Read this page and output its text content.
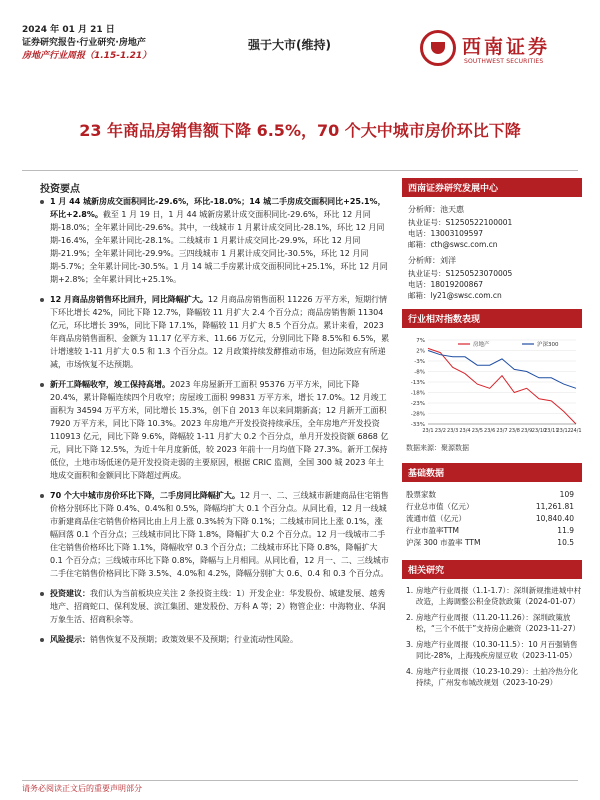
2024 年 01 月 21 日
证券研究报告·行业研究·房地产
房地产行业周报（1.15-1.21）
强于大市(维持)	西南证券
SOUTHWEST SECURITIES
23 年商品房销售额下降 6.5%，70 个大中城市房价环比下降
投资要点
1 月 44 城新房成交面积同比-29.6%，环比-18.0%；14 城二手房成交面积同比+25.1%，环比+2.8%。截至 1 月 19 日，1 月 44 城新房累计成交面积同比-29.6%，环比 12 月同期-18.0%；全年累计同比-29.6%。其中，一线城市 1 月累计成交同比-28.1%，环比 12 月同期-16.4%，全年累计同比-28.1%。二线城市 1 月累计成交同比-29.9%，环比 12 月同期-21.9%；全年累计同比-29.9%。三四线城市 1 月累计成交同比-30.5%，环比 12 月同期-5.7%；全年累计同比-30.5%。1 月 14 城二手房累计成交面积同比+25.1%，环比 12 月同期+2.8%；全年累计同比+25.1%。
12 月商品房销售环比回升，同比降幅扩大。12 月商品房销售面积 11226 万平方米，短期行情下环比增长 42%，同比下降 12.7%，降幅较 11 月扩大 2.4 个百分点；商品房销售额 11304 亿元，环比增长 39%，同比下降 17.1%，降幅较 11 月扩大 8.5 个百分点。累计来看，2023 年商品房销售面积、金额为 11.17 亿平方米、11.66 万亿元，分别同比下降 8.5%和 6.5%，累计增速较 1-11 月扩大 0.5 和 1.3 个百分点。12 月政策持续发酵推动市场，但边际效应有所递减，市场恢复不达预期。
新开工降幅收窄，竣工保持高增。2023 年房屋新开工面积 95376 万平方米，同比下降 20.4%，累计降幅连续四个月收窄；房屋竣工面积 99831 万平方米，增长 17.0%。12 月竣工面积为 34594 万平方米，同比增长 15.3%，创下自 2013 年以来同期新高；12 月新开工面积 7920 万平方米，同比下降 10.3%。2023 年房地产开发投资持续承压，全年房地产开发投资 110913 亿元，同比下降 9.6%，降幅较 1-11 月扩大 0.2 个百分点，单月开发投资额 6868 亿元，同比下降 12.5%，为近十年月度新低，较 2023 年前十一月均值下降 27.3%。新开工保持低位，土地市场低迷仍是开发投资走弱的主要原因，根据 CRIC 监测，全国 300 城 2023 年土地成交面积和金额同比下降超过两成。
70 个大中城市房价环比下降，二手房同比降幅扩大。12 月一、二、三线城市新建商品住宅销售价格分别环比下降 0.4%、0.4%和 0.5%，降幅均扩大 0.1 个百分点。从同比看，12 月一线城市新建商品住宅销售价格同比由上月上涨 0.3%转为下降 0.1%；二线城市同比上涨 0.1%，涨幅回落 0.1 个百分点；三线城市同比下降 1.8%，降幅扩大 0.2 个百分点。12 月一线城市二手住宅销售价格环比下降 1.1%，降幅收窄 0.3 个百分点；二线城市环比下降 0.8%，降幅扩大 0.1 个百分点；三线城市环比下降 0.8%，降幅与上月相同。从同比看，12 月一、二、三线城市二手住宅销售价格同比下降 3.5%、4.0%和 4.2%，降幅分别扩大 0.6、0.4 和 0.3 个百分点。
投资建议：我们认为当前板块应关注 2 条投资主线：1）开发企业：华发股份、城建发展、越秀地产、招商蛇口、保利发展、滨江集团、建发股份、万科 A 等；2）物管企业：中海物业、华润万象生活、招商积余等。
风险提示：销售恢复不及预期；政策效果不及预期；行业流动性风险。
西南证券研究发展中心
分析师：池天惠
执业证号：S1250522100001
电话：13003109597
邮箱：cth@swsc.com.cn
分析师：刘洋
执业证号：S1250523070005
电话：18019200867
邮箱：ly21@swsc.com.cn
行业相对指数表现
7%
2%
-3%
-8%
-13%
-18%
-23%
-28%
-33%
23/1 23/2 23/3 23/4 23/5 23/6 23/7 23/8 23/9 23/10
23/11
23/12 24/1
房地产	沪深300
数据来源：聚源数据
基础数据
股票家数	109
行业总市值（亿元）	11,261.81
流通市值（亿元）	10,840.40
行业市盈率TTM	11.9
沪深 300 市盈率 TTM	10.5
相关研究
1. 房地产行业周报（1.1-1.7）：深圳新规推进城中村改造，上海调整公积金贷款政策（2024-01-07）
2. 房地产行业周报（11.20-11.26）：深圳政策放松，“三个不低于”支持房企融资（2023-11-27）
3. 房地产行业周报（10.30-11.5）：10 月百强销售同比-28%，上海残疾房屋豆收（2023-11-05）
4. 房地产行业周报（10.23-10.29）：土拍冷热分化持续，广州发布城改规划（2023-10-29）
请务必阅读正文后的重要声明部分
